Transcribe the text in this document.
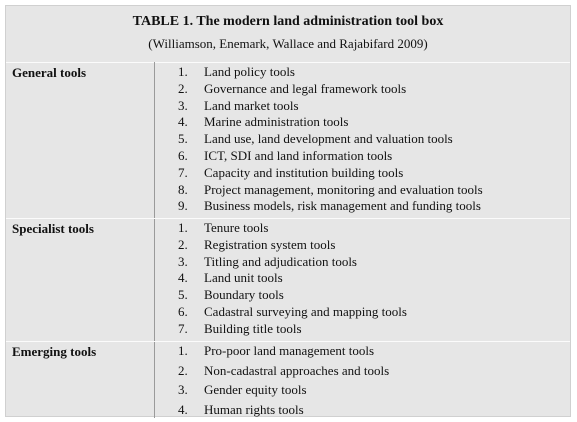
TABLE 1. The modern land administration tool box
(Williamson, Enemark, Wallace and Rajabifard 2009)
General tools	1.	Land policy tools
2.	Governance and legal framework tools
3.	Land market tools
4.	Marine administration tools
5.	Land use, land development and valuation tools
6.	ICT, SDI and land information tools
7.	Capacity and institution building tools
8.	Project management, monitoring and evaluation tools
9.	Business models, risk management and funding tools
Specialist tools	1.	Tenure tools
2.	Registration system tools
3.	Titling and adjudication tools
4.	Land unit tools
5.	Boundary tools
6.	Cadastral surveying and mapping tools
7.	Building title tools
Emerging tools	1.	Pro-poor land management tools
2.	Non-cadastral approaches and tools
3.	Gender equity tools
4.	Human rights tools
